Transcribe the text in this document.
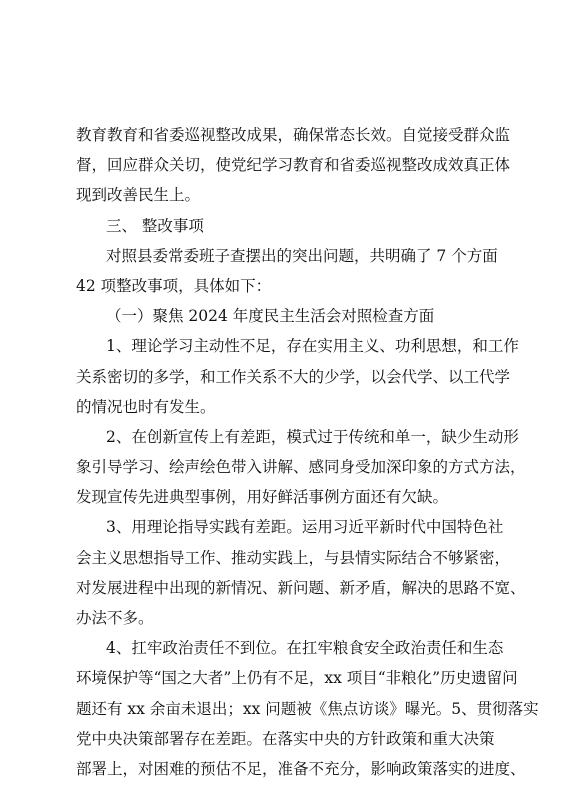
教育教育和省委巡视整改成果，确保常态长效。自觉接受群众监
督，回应群众关切，使党纪学习教育和省委巡视整改成效真正体
现到改善民生上。
三、 整改事项
对照县委常委班子查摆出的突出问题，共明确了 7 个方面
42 项整改事项，具体如下：
（一）聚焦 2024 年度民主生活会对照检查方面
1、理论学习主动性不足，存在实用主义、功利思想，和工作
关系密切的多学，和工作关系不大的少学，以会代学、以工代学
的情况也时有发生。
2、在创新宣传上有差距，模式过于传统和单一，缺少生动形
象引导学习、绘声绘色带入讲解、感同身受加深印象的方式方法，
发现宣传先进典型事例，用好鲜活事例方面还有欠缺。
3、用理论指导实践有差距。运用习近平新时代中国特色社
会主义思想指导工作、推动实践上，与县情实际结合不够紧密，
对发展进程中出现的新情况、新问题、新矛盾，解决的思路不宽、
办法不多。
4、扛牢政治责任不到位。在扛牢粮食安全政治责任和生态
环境保护等“国之大者”上仍有不足，xx 项目“非粮化”历史遗留问
题还有 xx 余亩未退出；xx 问题被《焦点访谈》曝光。5、贯彻落实
党中央决策部署存在差距。在落实中央的方针政策和重大决策
部署上，对困难的预估不足，准备不充分，影响政策落实的进度、
